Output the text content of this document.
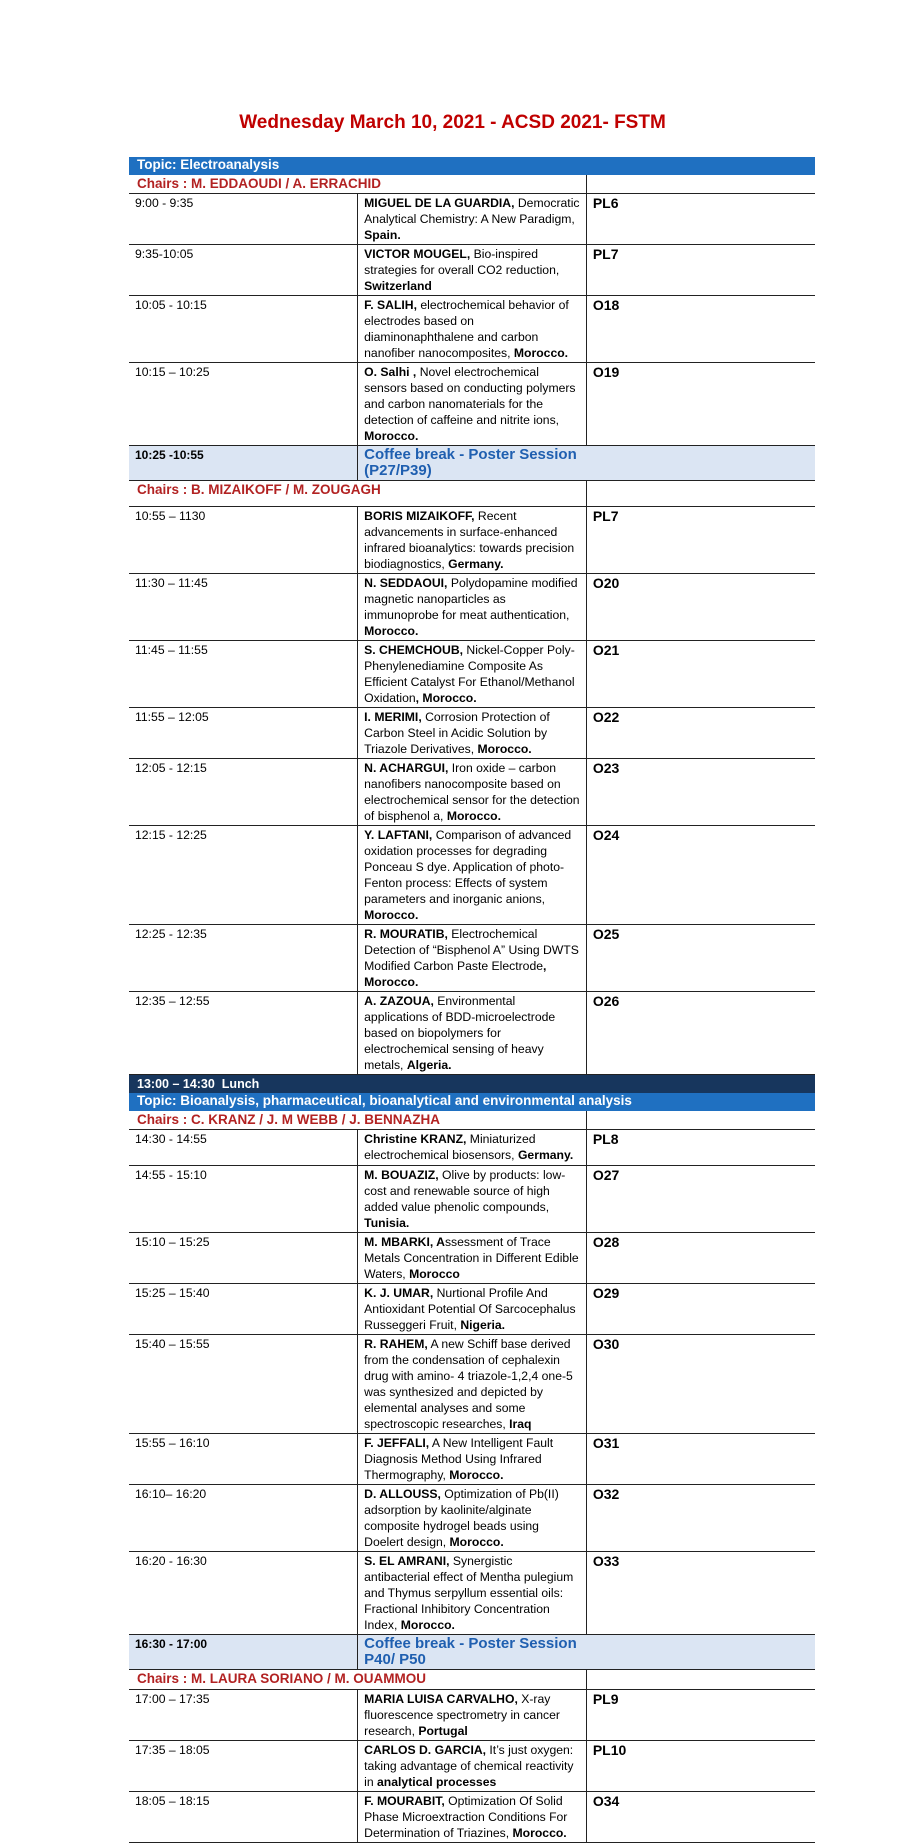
Wednesday March 10, 2021 - ACSD 2021- FSTM
Topic: Electroanalysis		
Chairs : M. EDDAOUDI / A. ERRACHID		
9:00 - 9:35	MIGUEL DE LA GUARDIA, Democratic Analytical Chemistry: A New Paradigm, Spain.	PL6
9:35-10:05	VICTOR MOUGEL, Bio-inspired strategies for overall CO2 reduction, Switzerland	PL7
10:05 - 10:15	F. SALIH, electrochemical behavior of electrodes based on diaminonaphthalene and carbon nanofiber nanocomposites, Morocco.	O18
10:15 – 10:25	O. Salhi , Novel electrochemical sensors based on conducting polymers and carbon nanomaterials for the detection of caffeine and nitrite ions, Morocco.	O19
10:25 -10:55	Coffee break - Poster Session (P27/P39)	
Chairs : B. MIZAIKOFF / M. ZOUGAGH		
10:55 – 1130	BORIS MIZAIKOFF, Recent advancements in surface-enhanced infrared bioanalytics: towards precision biodiagnostics, Germany.	PL7
11:30 – 11:45	N. SEDDAOUI, Polydopamine modified magnetic nanoparticles as immunoprobe for meat authentication, Morocco.	O20
11:45 – 11:55	S. CHEMCHOUB, Nickel-Copper Poly-Phenylenediamine Composite As Efficient Catalyst For Ethanol/Methanol Oxidation, Morocco.	O21
11:55 – 12:05	I. MERIMI, Corrosion Protection of Carbon Steel in Acidic Solution by Triazole Derivatives, Morocco.	O22
12:05 - 12:15	N. ACHARGUI, Iron oxide – carbon nanofibers nanocomposite based on electrochemical sensor for the detection of bisphenol a, Morocco.	O23
12:15 - 12:25	Y. LAFTANI, Comparison of advanced oxidation processes for degrading Ponceau S dye. Application of photo-Fenton process: Effects of system parameters and inorganic anions, Morocco.	O24
12:25 - 12:35	R. MOURATIB, Electrochemical Detection of “Bisphenol A” Using DWTS Modified Carbon Paste Electrode, Morocco.	O25
12:35 – 12:55	A. ZAZOUA, Environmental applications of BDD-microelectrode based on biopolymers for electrochemical sensing of heavy metals, Algeria.	O26
13:00 – 14:30 Lunch		
Topic: Bioanalysis, pharmaceutical, bioanalytical and environmental analysis		
Chairs : C. KRANZ / J. M WEBB / J. BENNAZHA		
14:30 - 14:55	Christine KRANZ, Miniaturized electrochemical biosensors, Germany.	PL8
14:55 - 15:10	M. BOUAZIZ, Olive by products: low-cost and renewable source of high added value phenolic compounds, Tunisia.	O27
15:10 – 15:25	M. MBARKI, Assessment of Trace Metals Concentration in Different Edible Waters, Morocco	O28
15:25 – 15:40	K. J. UMAR, Nurtional Profile And Antioxidant Potential Of Sarcocephalus Russeggeri Fruit, Nigeria.	O29
15:40 – 15:55	R. RAHEM, A new Schiff base derived from the condensation of cephalexin drug with amino- 4 triazole-1,2,4 one-5 was synthesized and depicted by elemental analyses and some spectroscopic researches, Iraq	O30
15:55 – 16:10	F. JEFFALI, A New Intelligent Fault Diagnosis Method Using Infrared Thermography, Morocco.	O31
16:10– 16:20	D. ALLOUSS, Optimization of Pb(II) adsorption by kaolinite/alginate composite hydrogel beads using Doelert design, Morocco.	O32
16:20 - 16:30	S. EL AMRANI, Synergistic antibacterial effect of Mentha pulegium and Thymus serpyllum essential oils: Fractional Inhibitory Concentration Index, Morocco.	O33
16:30 - 17:00	Coffee break - Poster Session P40/ P50	
Chairs : M. LAURA SORIANO / M. OUAMMOU		
17:00 – 17:35	MARIA LUISA CARVALHO, X-ray fluorescence spectrometry in cancer research, Portugal	PL9
17:35 – 18:05	CARLOS D. GARCIA, It’s just oxygen: taking advantage of chemical reactivity in analytical processes	PL10
18:05 – 18:15	F. MOURABIT, Optimization Of Solid Phase Microextraction Conditions For Determination of Triazines, Morocco.	O34
